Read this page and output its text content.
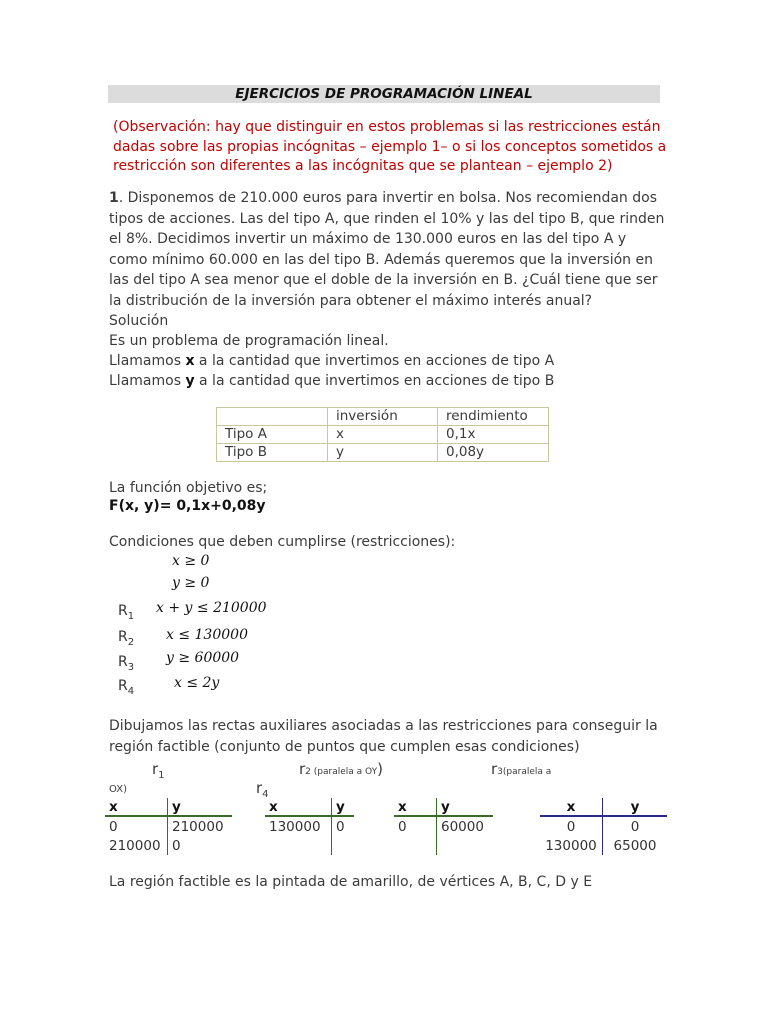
EJERCICIOS DE PROGRAMACIÓN LINEAL
(Observación: hay que distinguir en estos problemas si las restricciones están dadas sobre las propias incógnitas – ejemplo 1– o si los conceptos sometidos a restricción son diferentes a las incógnitas que se plantean – ejemplo 2)
1. Disponemos de 210.000 euros para invertir en bolsa. Nos recomiendan dos tipos de acciones. Las del tipo A, que rinden el 10% y las del tipo B, que rinden el 8%. Decidimos invertir un máximo de 130.000 euros en las del tipo A y como mínimo 60.000 en las del tipo B. Además queremos que la inversión en las del tipo A sea menor que el doble de la inversión en B. ¿Cuál tiene que ser la distribución de la inversión para obtener el máximo interés anual?
Solución
Es un problema de programación lineal.
Llamamos x a la cantidad que invertimos en acciones de tipo A
Llamamos y a la cantidad que invertimos en acciones de tipo B
	inversión	rendimiento
Tipo A	x	0,1x
Tipo B	y	0,08y
La función objetivo es;
F(x, y)= 0,1x+0,08y
Condiciones que deben cumplirse (restricciones):
x ≥ 0
y ≥ 0
$R_1$
x + y ≤ 210000
$R_2$ x ≤ 130000
$R_3$
y ≥ 60000
$R_4$
x ≤ 2y
Dibujamos las rectas auxiliares asociadas a las restricciones para conseguir la región factible (conjunto de puntos que cumplen esas condiciones)
$r_1$	r2 (paralela a OY)	r3(paralela a
OX)	$r_4$
x	y
0	210000
210000	0
x	y
130000	0

x	y
0	60000

x	y
0	0
130000	65000
La región factible es la pintada de amarillo, de vértices A, B, C, D y E
